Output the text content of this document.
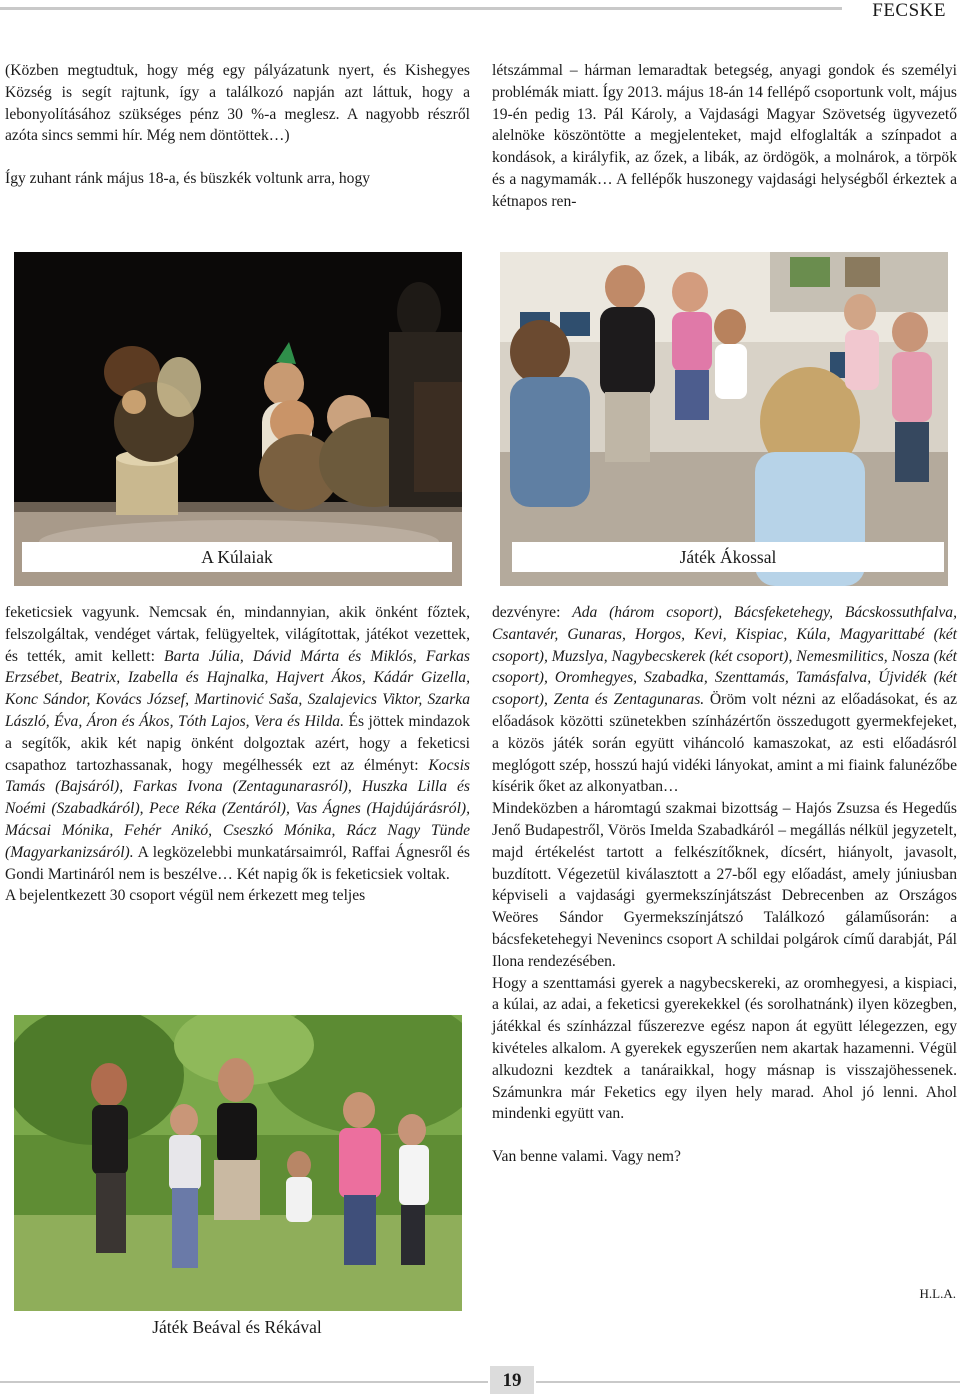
FECSKE

(Közben megtudtuk, hogy még egy pályázatunk nyert, és Kishegyes Község is segít rajtunk, így a találkozó napján azt láttuk, hogy a lebonyolításához szükséges pénz 30 %-a meglesz. A nagyobb részről azóta sincs semmi hír. Még nem döntöttek…)

Így zuhant ránk május 18-a, és büszkék voltunk arra, hogy

létszámmal – hárman lemaradtak betegség, anyagi gondok és személyi problémák miatt. Így 2013. május 18-án 14 fellépő csoportunk volt, május 19-én pedig 13. Pál Károly, a Vajdasági Magyar Szövetség ügyvezető alelnöke köszöntötte a megjelenteket, majd elfoglalták a színpadot a kondások, a királyfik, az őzek, a libák, az ördögök, a molnárok, a törpök és a nagymamák… A fellépők huszonegy vajdasági helységből érkeztek a kétnapos ren-

A Kúlaiak	Játék Ákossal

feketicsiek vagyunk. Nemcsak én, mindannyian, akik önként főztek, felszolgáltak, vendéget vártak, felügyeltek, világítottak, játékot vezettek, és tették, amit kellett: Barta Júlia, Dávid Márta és Miklós, Farkas Erzsébet, Beatrix, Izabella és Hajnalka, Hajvert Ákos, Kádár Gizella, Konc Sándor, Kovács József, Martinović Saša, Szalajevics Viktor, Szarka László, Éva, Áron és Ákos, Tóth Lajos, Vera és Hilda. És jöttek mindazok a segítők, akik két napig önként dolgoztak azért, hogy a feketicsi csapathoz tartozhassanak, hogy megélhessék ezt az élményt: Kocsis Tamás (Bajsáról), Farkas Ivona (Zentagunarasról), Huszka Lilla és Noémi (Szabadkáról), Pece Réka (Zentáról), Vas Ágnes (Hajdújárásról), Mácsai Mónika, Fehér Anikó, Cseszkó Mónika, Rácz Nagy Tünde (Magyarkanizsáról). A legközelebbi munkatársaimról, Raffai Ágnesről és Gondi Martináról nem is beszélve… Két napig ők is feketicsiek voltak.

A bejelentkezett 30 csoport végül nem érkezett meg teljes

Játék Beával és Rékával

dezvényre: Ada (három csoport), Bácsfeketehegy, Bácskossuthfalva, Csantavér, Gunaras, Horgos, Kevi, Kispiac, Kúla, Magyarittabé (két csoport), Muzslya, Nagybecskerek (két csoport), Nemesmilitics, Nosza (két csoport), Oromhegyes, Szabadka, Szenttamás, Tamásfalva, Újvidék (két csoport), Zenta és Zentagunaras. Öröm volt nézni az előadásokat, és az előadások közötti szünetekben színházértőn összedugott gyermekfejeket, a közös játék során együtt viháncoló kamaszokat, az esti előadásról meglógott szép, hosszú hajú vidéki lányokat, amint a mi fiaink falunézőbe kísérik őket az alkonyatban…

Mindeközben a háromtagú szakmai bizottság – Hajós Zsuzsa és Hegedűs Jenő Budapestről, Vörös Imelda Szabadkáról – megállás nélkül jegyzetelt, majd értékelést tartott a felkészítőknek, dícsért, hiányolt, javasolt, buzdított. Végezetül kiválasztott a 27-ből egy előadást, amely júniusban képviseli a vajdasági gyermekszínjátszást Debrecenben az Országos Weöres Sándor Gyermekszínjátszó Találkozó gálaműsorán: a bácsfeketehegyi Nevenincs csoport A schildai polgárok című darabját, Pál Ilona rendezésében.

Hogy a szenttamási gyerek a nagybecskereki, az oromhegyesi, a kispiaci, a kúlai, az adai, a feketicsi gyerekekkel (és sorolhatnánk) ilyen közegben, játékkal és színházzal fűszerezve egész napon át együtt lélegezzen, egy kivételes alkalom. A gyerekek egyszerűen nem akartak hazamenni. Végül alkudozni kezdtek a tanáraikkal, hogy másnap is visszajöhessenek. Számunkra már Feketics egy ilyen hely marad. Ahol jó lenni. Ahol mindenki együtt van.

Van benne valami. Vagy nem?

H.L.A.
19
